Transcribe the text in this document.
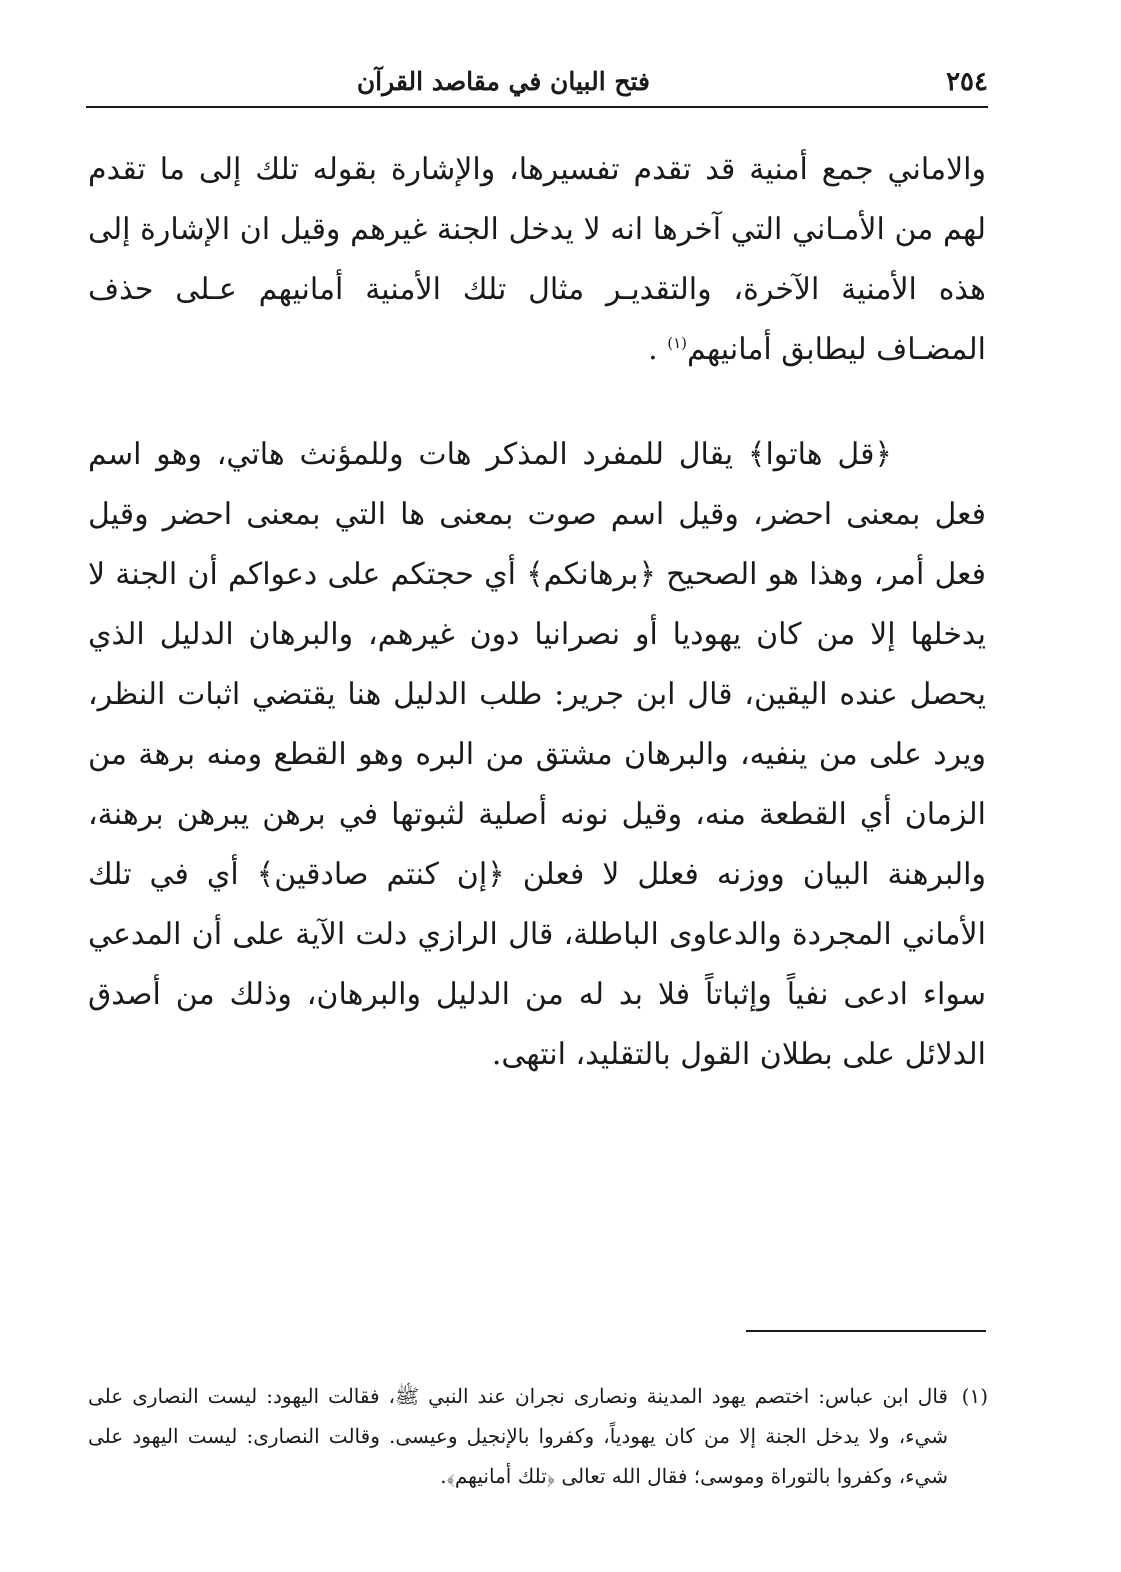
٢٥٤
فتح البيان في مقاصد القرآن

والاماني جمع أمنية قد تقدم تفسيرها، والإشارة بقوله تلك إلى ما تقدم لهم من الأمـاني التي آخرها انه لا يدخل الجنة غيرهم وقيل ان الإشارة إلى هذه الأمنية الآخرة، والتقديـر مثال تلك الأمنية أمانيهم عـلى حذف المضـاف ليطابق أمانيهم$^{(١)}$ .

﴿قل هاتوا﴾ يقال للمفرد المذكر هات وللمؤنث هاتي، وهو اسم فعل بمعنى احضر، وقيل اسم صوت بمعنى ها التي بمعنى احضر وقيل فعل أمر، وهذا هو الصحيح ﴿برهانكم﴾ أي حجتكم على دعواكم أن الجنة لا يدخلها إلا من كان يهوديا أو نصرانيا دون غيرهم، والبرهان الدليل الذي يحصل عنده اليقين، قال ابن جرير: طلب الدليل هنا يقتضي اثبات النظر، ويرد على من ينفيه، والبرهان مشتق من البره وهو القطع ومنه برهة من الزمان أي القطعة منه، وقيل نونه أصلية لثبوتها في برهن يبرهن برهنة، والبرهنة البيان ووزنه فعلل لا فعلن ﴿إن كنتم صادقين﴾ أي في تلك الأماني المجردة والدعاوى الباطلة، قال الرازي دلت الآية على أن المدعي سواء ادعى نفياً وإثباتاً فلا بد له من الدليل والبرهان، وذلك من أصدق الدلائل على بطلان القول بالتقليد، انتهى.

(١)
قال ابن عباس: اختصم يهود المدينة ونصارى نجران عند النبي ﷺ، فقالت اليهود: ليست النصارى على شيء، ولا يدخل الجنة إلا من كان يهودياً، وكفروا بالإنجيل وعيسى. وقالت النصارى: ليست اليهود على شيء، وكفروا بالتوراة وموسى؛ فقال الله تعالى ﴿تلك أمانيهم﴾.
